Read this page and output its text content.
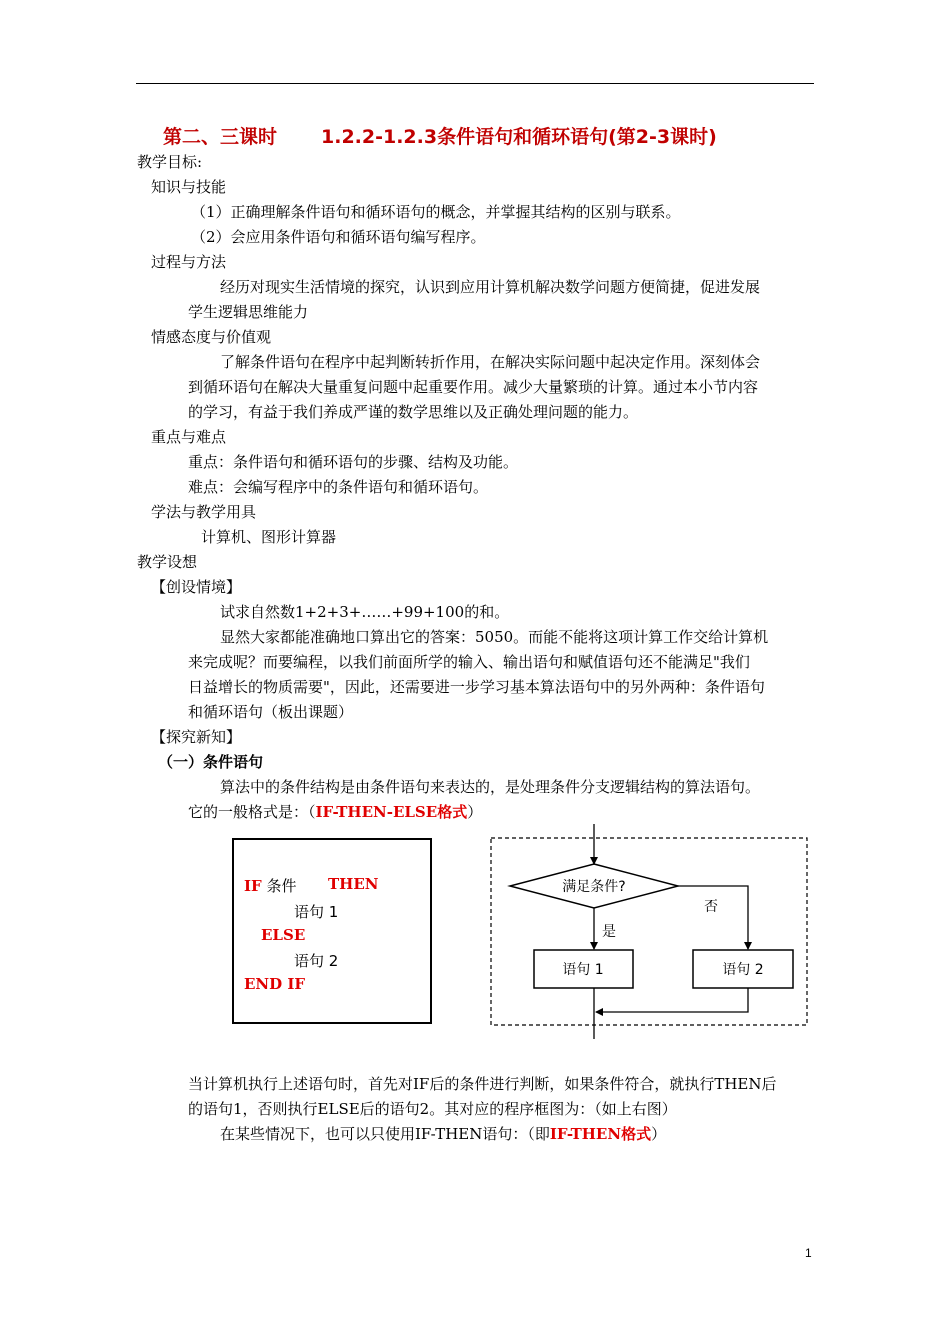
第二、三课时 1.2.2-1.2.3条件语句和循环语句(第2-3课时)
教学目标:
知识与技能
（1）正确理解条件语句和循环语句的概念，并掌握其结构的区别与联系。
（2）会应用条件语句和循环语句编写程序。
过程与方法
经历对现实生活情境的探究，认识到应用计算机解决数学问题方便简捷，促进发展
学生逻辑思维能力
情感态度与价值观
了解条件语句在程序中起判断转折作用，在解决实际问题中起决定作用。深刻体会
到循环语句在解决大量重复问题中起重要作用。减少大量繁琐的计算。通过本小节内容
的学习，有益于我们养成严谨的数学思维以及正确处理问题的能力。
重点与难点
重点：条件语句和循环语句的步骤、结构及功能。
难点：会编写程序中的条件语句和循环语句。
学法与教学用具
计算机、图形计算器
教学设想
【创设情境】
试求自然数1+2+3+……+99+100的和。
显然大家都能准确地口算出它的答案：5050。而能不能将这项计算工作交给计算机
来完成呢？而要编程，以我们前面所学的输入、输出语句和赋值语句还不能满足"我们
日益增长的物质需要"，因此，还需要进一步学习基本算法语句中的另外两种：条件语句
和循环语句（板出课题）
【探究新知】
（一）条件语句
算法中的条件结构是由条件语句来表达的，是处理条件分支逻辑结构的算法语句。
它的一般格式是：（IF-THEN-ELSE格式）
IF 条件 THEN
语句 1
ELSE
语句 2
END IF
满足条件?
是
否
语句 1	语句 2
当计算机执行上述语句时，首先对IF后的条件进行判断，如果条件符合，就执行THEN后
的语句1，否则执行ELSE后的语句2。其对应的程序框图为：（如上右图）
在某些情况下，也可以只使用IF-THEN语句：（即IF-THEN格式）
1
